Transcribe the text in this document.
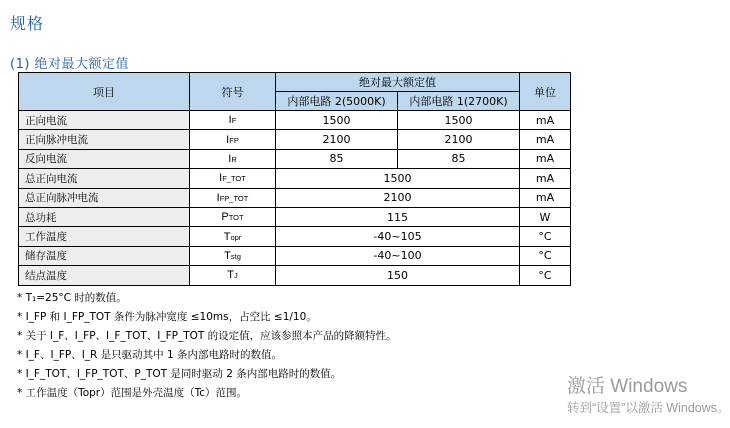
规格
(1) 绝对最大额定值
项目	符号	绝对最大额定值		单位
		内部电路 2(5000K)	内部电路 1(2700K)	
正向电流	IF	1500	1500	mA
正向脉冲电流	IFP	2100	2100	mA
反向电流	IR	85	85	mA
总正向电流	IF_TOT	1500		mA
总正向脉冲电流	IFP_TOT	2100		mA
总功耗	PTOT	115		W
工作温度	Topr	-40~105		°C
储存温度	Tstg	-40~100		°C
结点温度	TJ	150		°C
* T₁=25°C 时的数值。
* I_FP 和 I_FP_TOT 条件为脉冲宽度 ≤10ms，占空比 ≤1/10。
* 关于 I_F、I_FP、I_F_TOT、I_FP_TOT 的设定值，应该参照本产品的降额特性。
* I_F、I_FP、I_R 是只驱动其中 1 条内部电路时的数值。
* I_F_TOT、I_FP_TOT、P_TOT 是同时驱动 2 条内部电路时的数值。
* 工作温度（Topr）范围是外壳温度（Tc）范围。	激活 Windows
转到“设置”以激活 Windows。
